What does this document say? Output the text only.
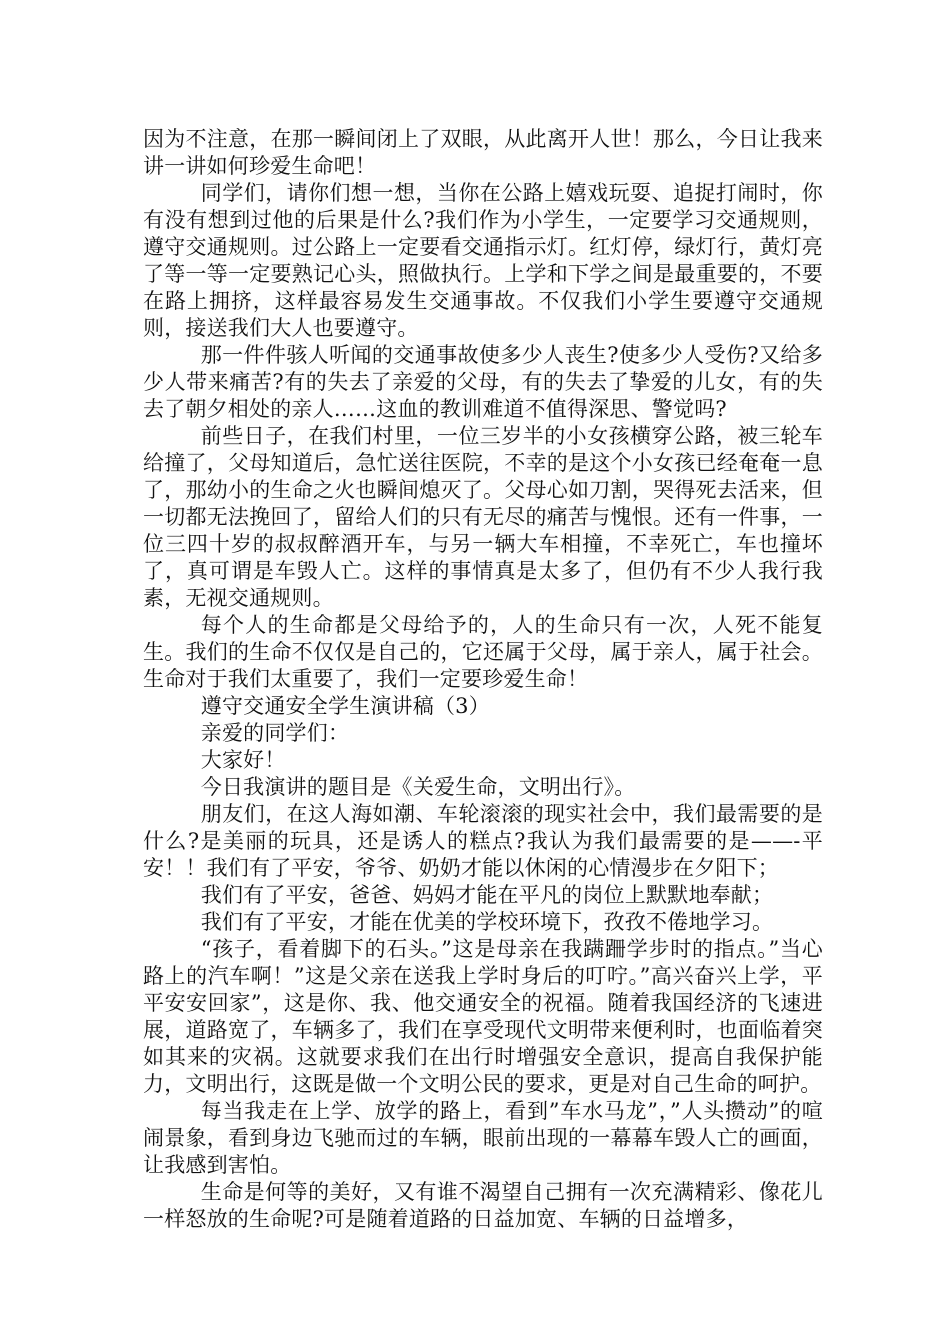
因为不注意，在那一瞬间闭上了双眼，从此离开人世！那么，今日让我来讲一讲如何珍爱生命吧！

同学们，请你们想一想，当你在公路上嬉戏玩耍、追捉打闹时，你有没有想到过他的后果是什么?我们作为小学生，一定要学习交通规则，遵守交通规则。过公路上一定要看交通指示灯。红灯停，绿灯行，黄灯亮了等一等一定要熟记心头，照做执行。上学和下学之间是最重要的，不要在路上拥挤，这样最容易发生交通事故。不仅我们小学生要遵守交通规则，接送我们大人也要遵守。

那一件件骇人听闻的交通事故使多少人丧生?使多少人受伤?又给多少人带来痛苦?有的失去了亲爱的父母，有的失去了挚爱的儿女，有的失去了朝夕相处的亲人……这血的教训难道不值得深思、警觉吗?

前些日子，在我们村里，一位三岁半的小女孩横穿公路，被三轮车给撞了，父母知道后，急忙送往医院，不幸的是这个小女孩已经奄奄一息了，那幼小的生命之火也瞬间熄灭了。父母心如刀割，哭得死去活来，但一切都无法挽回了，留给人们的只有无尽的痛苦与愧恨。还有一件事，一位三四十岁的叔叔醉酒开车，与另一辆大车相撞，不幸死亡，车也撞坏了，真可谓是车毁人亡。这样的事情真是太多了，但仍有不少人我行我素，无视交通规则。

每个人的生命都是父母给予的，人的生命只有一次，人死不能复生。我们的生命不仅仅是自己的，它还属于父母，属于亲人，属于社会。生命对于我们太重要了，我们一定要珍爱生命！

遵守交通安全学生演讲稿（3）

亲爱的同学们：

大家好！

今日我演讲的题目是《关爱生命，文明出行》。

朋友们，在这人海如潮、车轮滚滚的现实社会中，我们最需要的是什么?是美丽的玩具，还是诱人的糕点?我认为我们最需要的是——-平安！！我们有了平安，爷爷、奶奶才能以休闲的心情漫步在夕阳下；

我们有了平安，爸爸、妈妈才能在平凡的岗位上默默地奉献；

我们有了平安，才能在优美的学校环境下，孜孜不倦地学习。

“孩子，看着脚下的石头。”这是母亲在我蹒跚学步时的指点。”当心路上的汽车啊！”这是父亲在送我上学时身后的叮咛。”高兴奋兴上学，平平安安回家”，这是你、我、他交通安全的祝福。随着我国经济的飞速进展，道路宽了，车辆多了，我们在享受现代文明带来便利时，也面临着突如其来的灾祸。这就要求我们在出行时增强安全意识，提高自我保护能力，文明出行，这既是做一个文明公民的要求，更是对自己生命的呵护。

每当我走在上学、放学的路上，看到”车水马龙”，”人头攒动”的喧闹景象，看到身边飞驰而过的车辆，眼前出现的一幕幕车毁人亡的画面，让我感到害怕。

生命是何等的美好，又有谁不渴望自己拥有一次充满精彩、像花儿一样怒放的生命呢?可是随着道路的日益加宽、车辆的日益增多，
